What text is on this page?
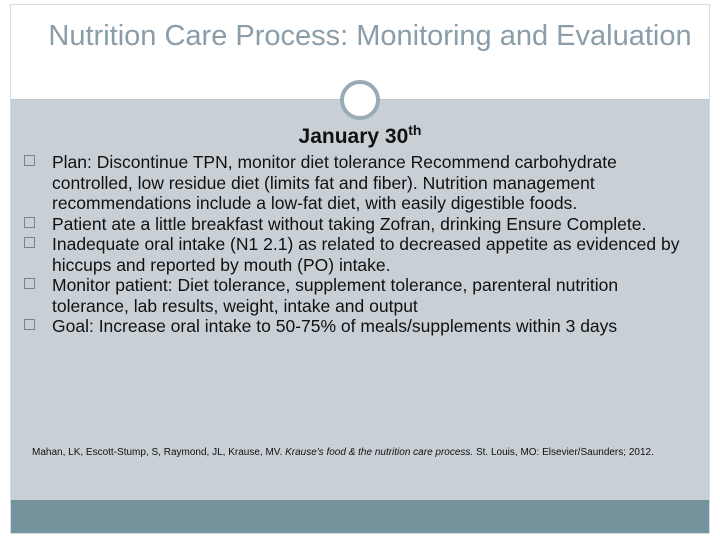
Nutrition Care Process: Monitoring and Evaluation
January 30th
Plan: Discontinue TPN, monitor diet tolerance Recommend carbohydrate controlled, low residue diet (limits fat and fiber). Nutrition management recommendations include a low-fat diet, with easily digestible foods.
Patient ate a little breakfast without taking Zofran, drinking Ensure Complete.
Inadequate oral intake (N1 2.1) as related to decreased appetite as evidenced by hiccups and reported by mouth (PO) intake.
Monitor patient: Diet tolerance, supplement tolerance, parenteral nutrition tolerance, lab results, weight, intake and output
Goal: Increase oral intake to 50-75% of meals/supplements within 3 days
Mahan, LK, Escott-Stump, S, Raymond, JL, Krause, MV. Krause's food & the nutrition care process. St. Louis, MO: Elsevier/Saunders; 2012.
